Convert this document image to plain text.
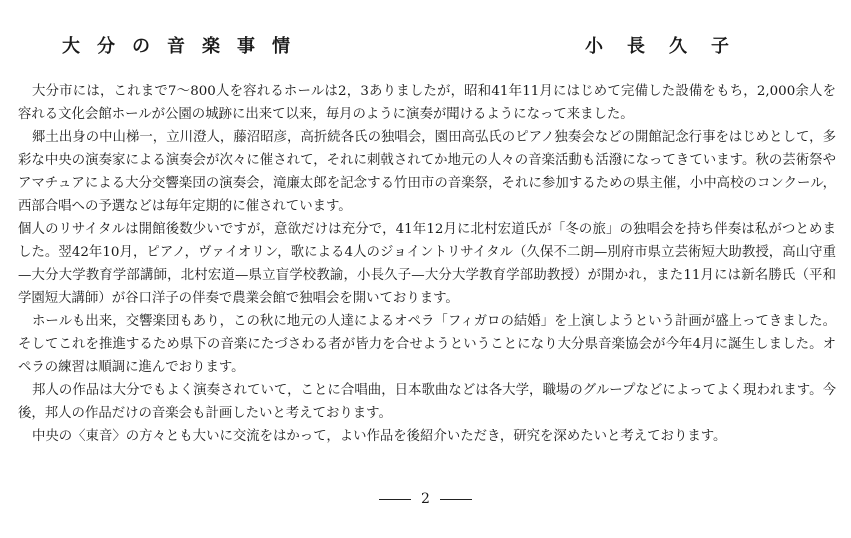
大分の音楽事情	小長久子

大分市には，これまで7～800人を容れるホールは2，3ありましたが，昭和41年11月にはじめて完備した設備をもち，2,000余人を容れる文化会館ホールが公園の城跡に出来て以来，毎月のように演奏が聞けるようになって来ました。

郷土出身の中山梯一，立川澄人，藤沼昭彦，高折続各氏の独唱会，園田高弘氏のピアノ独奏会などの開館記念行事をはじめとして，多彩な中央の演奏家による演奏会が次々に催されて，それに刺戟されてか地元の人々の音楽活動も活潑になってきています。秋の芸術祭やアマチュアによる大分交響楽団の演奏会，滝廉太郎を記念する竹田市の音楽祭，それに参加するための県主催，小中高校のコンクール，西部合唱への予選などは毎年定期的に催されています。

個人のリサイタルは開館後数少いですが，意欲だけは充分で，41年12月に北村宏道氏が「冬の旅」の独唱会を持ち伴奏は私がつとめました。翌42年10月，ピアノ，ヴァイオリン，歌による4人のジョイントリサイタル（久保不二朗—別府市県立芸術短大助教授，高山守重—大分大学教育学部講師，北村宏道—県立盲学校教諭，小長久子—大分大学教育学部助教授）が開かれ，また11月には新名勝氏（平和学園短大講師）が谷口洋子の伴奏で農業会館で独唱会を開いております。

ホールも出来，交響楽団もあり，この秋に地元の人達によるオペラ「フィガロの結婚」を上演しようという計画が盛上ってきました。そしてこれを推進するため県下の音楽にたづさわる者が皆力を合せようということになり大分県音楽協会が今年4月に誕生しました。オペラの練習は順調に進んでおります。

邦人の作品は大分でもよく演奏されていて，ことに合唱曲，日本歌曲などは各大学，職場のグループなどによってよく現われます。今後，邦人の作品だけの音楽会も計画したいと考えております。

中央の〈東音〉の方々とも大いに交流をはかって，よい作品を後紹介いただき，研究を深めたいと考えております。

2
